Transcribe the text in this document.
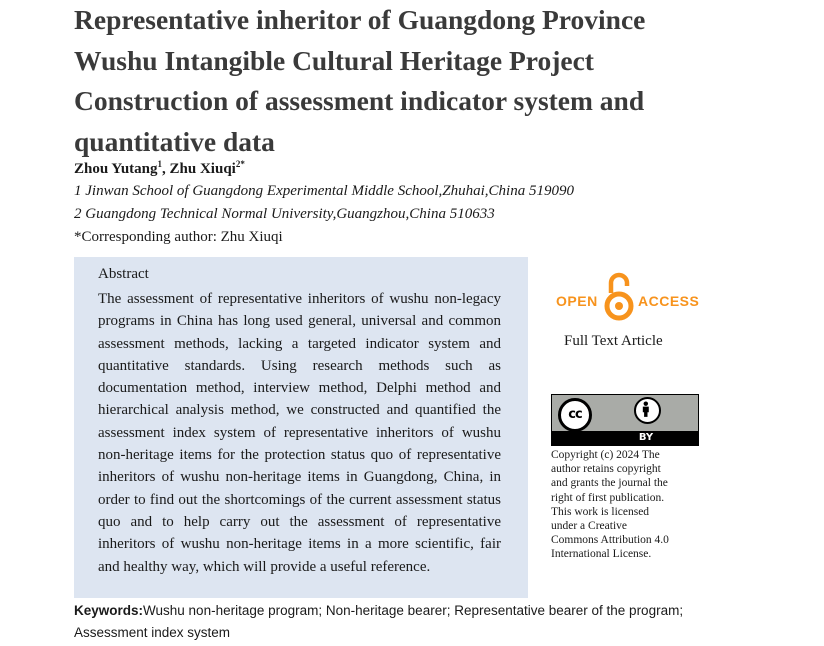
Representative inheritor of Guangdong Province
Wushu Intangible Cultural Heritage Project
Construction of assessment indicator system and
quantitative data
Zhou Yutang$^1$, Zhu Xiuqi$^{2*}$
1 Jinwan School of Guangdong Experimental Middle School,Zhuhai,China 519090
2 Guangdong Technical Normal University,Guangzhou,China 510633
*Corresponding author: Zhu Xiuqi
Abstract

The assessment of representative inheritors of wushu non-legacy programs in China has long used general, universal and common assessment methods, lacking a targeted indicator system and quantitative standards. Using research methods such as documentation method, interview method, Delphi method and hierarchical analysis method, we constructed and quantified the assessment index system of representative inheritors of wushu non-heritage items for the protection status quo of representative inheritors of wushu non-heritage items in Guangdong, China, in order to find out the shortcomings of the current assessment status quo and to help carry out the assessment of representative inheritors of wushu non-heritage items in a more scientific, fair and healthy way, which will provide a useful reference.

OPEN	ACCESS
Full Text Article
cc
BY

Copyright (c) 2024 The
author retains copyright
and grants the journal the
right of first publication.
This work is licensed
under a Creative
Commons Attribution 4.0
International License.

Keywords:Wushu non-heritage program; Non-heritage bearer; Representative bearer of the program; Assessment index system
